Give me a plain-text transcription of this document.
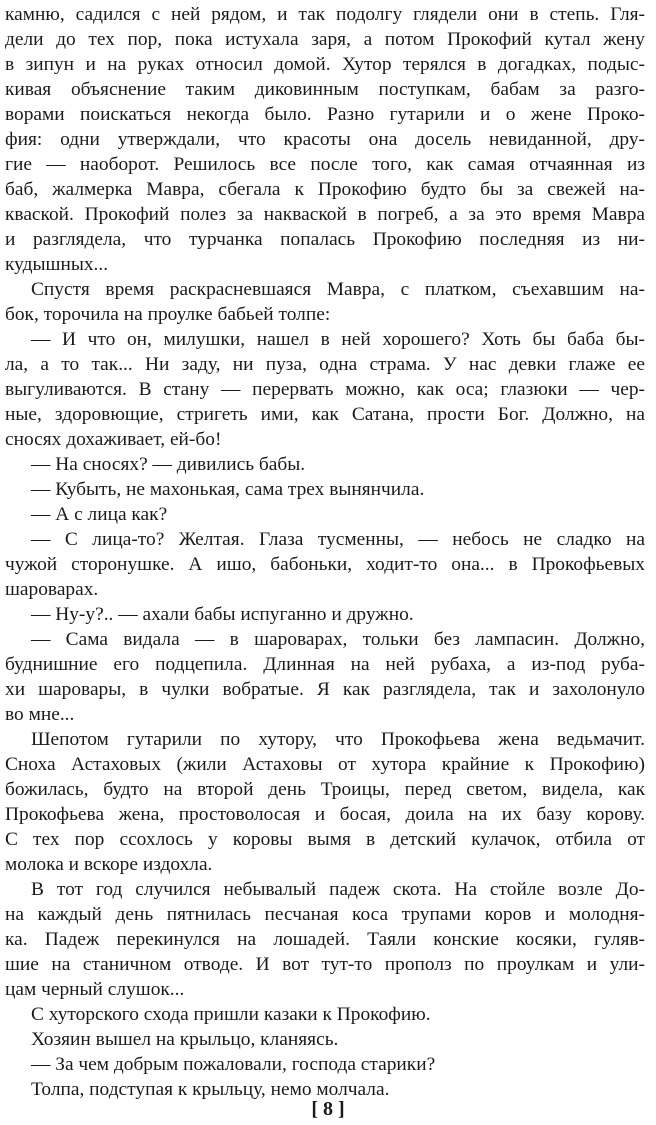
камню, садился с ней рядом, и так подолгу глядели они в степь. Гля-
дели до тех пор, пока истухала заря, а потом Прокофий кутал жену
в зипун и на руках относил домой. Хутор терялся в догадках, подыс-
кивая объяснение таким диковинным поступкам, бабам за разго-
ворами поискаться некогда было. Разно гутарили и о жене Проко-
фия: одни утверждали, что красоты она досель невиданной, дру-
гие — наоборот. Решилось все после того, как самая отчаянная из
баб, жалмерка Мавра, сбегала к Прокофию будто бы за свежей на-
кваской. Прокофий полез за накваской в погреб, а за это время Мавра
и разглядела, что турчанка попалась Прокофию последняя из ни-
кудышных...
Спустя время раскрасневшаяся Мавра, с платком, съехавшим на-
бок, торочила на проулке бабьей толпе:
— И что он, милушки, нашел в ней хорошего? Хоть бы баба бы-
ла, а то так... Ни заду, ни пуза, одна страма. У нас девки глаже ее
выгуливаются. В стану — перервать можно, как оса; глазюки — чер-
ные, здоровющие, стригеть ими, как Сатана, прости Бог. Должно, на
сносях дохаживает, ей-бо!
— На сносях? — дивились бабы.
— Кубыть, не махонькая, сама трех вынянчила.
— А с лица как?
— С лица-то? Желтая. Глаза тусменны, — небось не сладко на
чужой сторонушке. А ишо, бабоньки, ходит-то она... в Прокофьевых
шароварах.
— Ну-у?.. — ахали бабы испуганно и дружно.
— Сама видала — в шароварах, тольки без лампасин. Должно,
буднишние его подцепила. Длинная на ней рубаха, а из-под руба-
хи шаровары, в чулки вобратые. Я как разглядела, так и захолонуло
во мне...
Шепотом гутарили по хутору, что Прокофьева жена ведьмачит.
Сноха Астаховых (жили Астаховы от хутора крайние к Прокофию)
божилась, будто на второй день Троицы, перед светом, видела, как
Прокофьева жена, простоволосая и босая, доила на их базу корову.
С тех пор ссохлось у коровы вымя в детский кулачок, отбила от
молока и вскоре издохла.
В тот год случился небывалый падеж скота. На стойле возле До-
на каждый день пятнилась песчаная коса трупами коров и молодня-
ка. Падеж перекинулся на лошадей. Таяли конские косяки, гуляв-
шие на станичном отводе. И вот тут-то прополз по проулкам и ули-
цам черный слушок...
С хуторского схода пришли казаки к Прокофию.
Хозяин вышел на крыльцо, кланяясь.
— За чем добрым пожаловали, господа старики?
Толпа, подступая к крыльцу, немо молчала.
[ 8 ]
